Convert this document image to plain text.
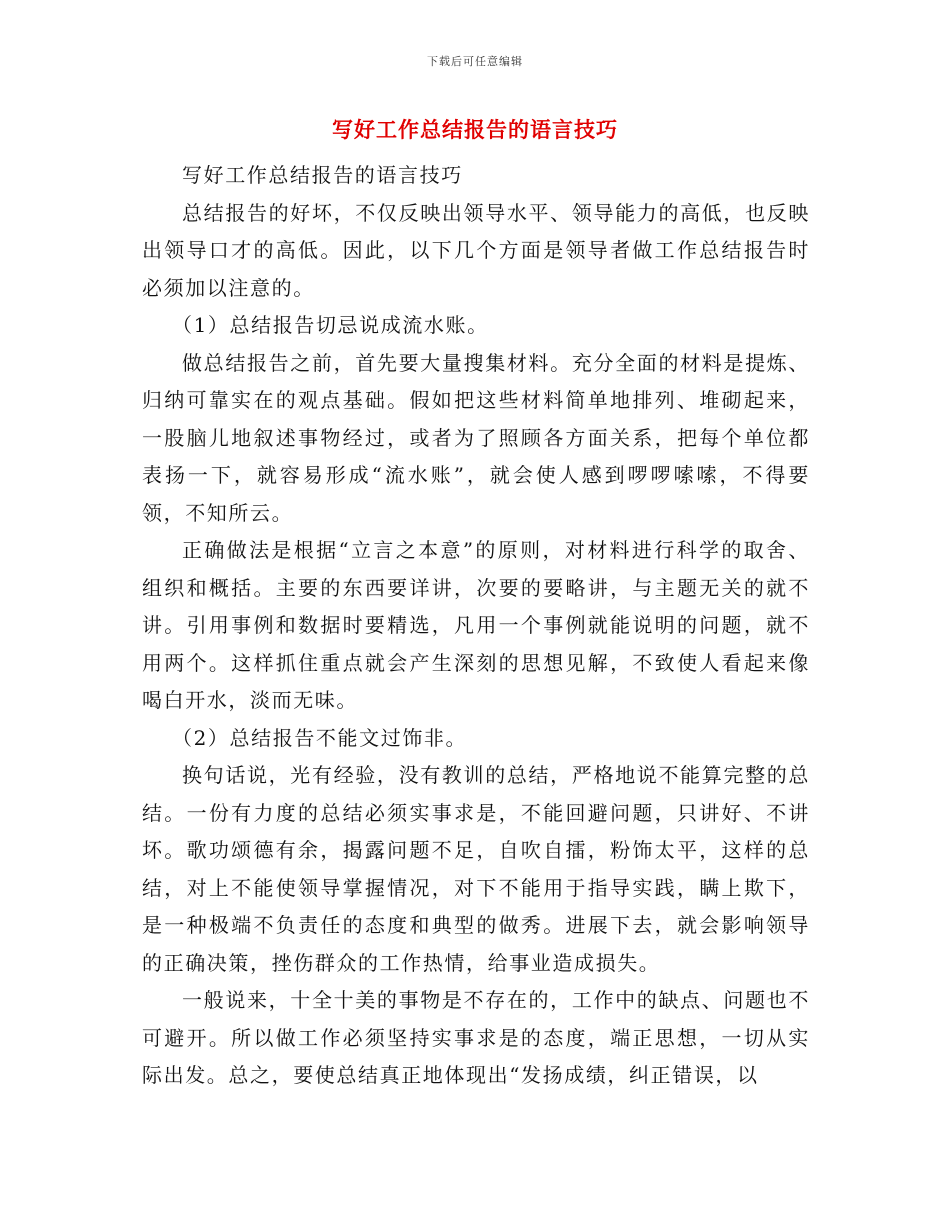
下载后可任意编辑
写好工作总结报告的语言技巧

写好工作总结报告的语言技巧

总结报告的好坏，不仅反映出领导水平、领导能力的高低，也反映出领导口才的高低。因此，以下几个方面是领导者做工作总结报告时必须加以注意的。

（1）总结报告切忌说成流水账。

做总结报告之前，首先要大量搜集材料。充分全面的材料是提炼、归纳可靠实在的观点基础。假如把这些材料简单地排列、堆砌起来，一股脑儿地叙述事物经过，或者为了照顾各方面关系，把每个单位都表扬一下，就容易形成“流水账”，就会使人感到啰啰嗦嗦，不得要领，不知所云。

正确做法是根据“立言之本意”的原则，对材料进行科学的取舍、组织和概括。主要的东西要详讲，次要的要略讲，与主题无关的就不讲。引用事例和数据时要精选，凡用一个事例就能说明的问题，就不用两个。这样抓住重点就会产生深刻的思想见解，不致使人看起来像喝白开水，淡而无味。

（2）总结报告不能文过饰非。

换句话说，光有经验，没有教训的总结，严格地说不能算完整的总结。一份有力度的总结必须实事求是，不能回避问题，只讲好、不讲坏。歌功颂德有余，揭露问题不足，自吹自擂，粉饰太平，这样的总结，对上不能使领导掌握情况，对下不能用于指导实践，瞒上欺下，是一种极端不负责任的态度和典型的做秀。进展下去，就会影响领导的正确决策，挫伤群众的工作热情，给事业造成损失。

一般说来，十全十美的事物是不存在的，工作中的缺点、问题也不可避开。所以做工作必须坚持实事求是的态度，端正思想，一切从实际出发。总之，要使总结真正地体现出“发扬成绩，纠正错误，以
